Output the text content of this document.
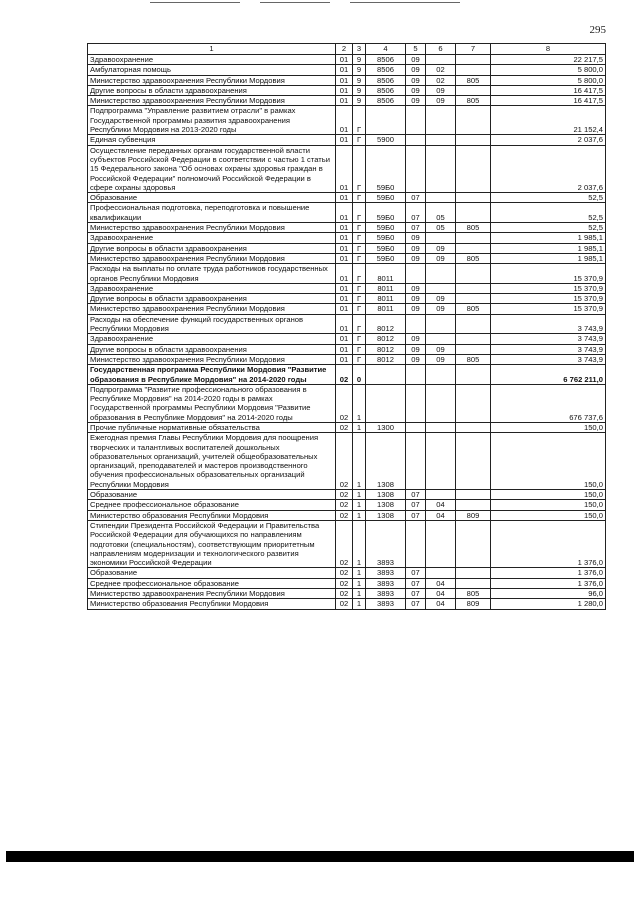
295
1	2	3	4	5	6	7	8
Здравоохранение	01	9	8506	09			22 217,5
Амбулаторная помощь	01	9	8506	09	02		5 800,0
Министерство здравоохранения Республики Мордовия	01	9	8506	09	02	805	5 800,0
Другие вопросы в области здравоохранения	01	9	8506	09	09		16 417,5
Министерство здравоохранения Республики Мордовия	01	9	8506	09	09	805	16 417,5
Подпрограмма "Управление развитием отрасли" в рамках Государственной программы развития здравоохранения Республики Мордовия на 2013-2020 годы	01	Г					21 152,4
Единая субвенция	01	Г	5900				2 037,6
Осуществление переданных органам государственной власти субъектов Российской Федерации в соответствии с частью 1 статьи 15 Федерального закона "Об основах охраны здоровья граждан в Российской Федерации" полномочий Российской Федерации в сфере охраны здоровья	01	Г	59Б0				2 037,6
Образование	01	Г	59Б0	07			52,5
Профессиональная подготовка, переподготовка и повышение квалификации	01	Г	59Б0	07	05		52,5
Министерство здравоохранения Республики Мордовия	01	Г	59Б0	07	05	805	52,5
Здравоохранение	01	Г	59Б0	09			1 985,1
Другие вопросы в области здравоохранения	01	Г	59Б0	09	09		1 985,1
Министерство здравоохранения Республики Мордовия	01	Г	59Б0	09	09	805	1 985,1
Расходы на выплаты по оплате труда работников государственных органов Республики Мордовия	01	Г	8011				15 370,9
Здравоохранение	01	Г	8011	09			15 370,9
Другие вопросы в области здравоохранения	01	Г	8011	09	09		15 370,9
Министерство здравоохранения Республики Мордовия	01	Г	8011	09	09	805	15 370,9
Расходы на обеспечение функций государственных органов Республики Мордовия	01	Г	8012				3 743,9
Здравоохранение	01	Г	8012	09			3 743,9
Другие вопросы в области здравоохранения	01	Г	8012	09	09		3 743,9
Министерство здравоохранения Республики Мордовия	01	Г	8012	09	09	805	3 743,9
Государственная программа Республики Мордовия "Развитие образования в Республике Мордовия" на 2014-2020 годы	02	0					6 762 211,0
Подпрограмма "Развитие профессионального образования в Республике Мордовия" на 2014-2020 годы в рамках Государственной программы Республики Мордовия "Развитие образования в Республике Мордовия" на 2014-2020 годы	02	1					676 737,6
Прочие публичные нормативные обязательства	02	1	1300				150,0
Ежегодная премия Главы Республики Мордовия для поощрения творческих и талантливых воспитателей дошкольных образовательных организаций, учителей общеобразовательных организаций, преподавателей и мастеров производственного обучения профессиональных образовательных организаций Республики Мордовия	02	1	1308				150,0
Образование	02	1	1308	07			150,0
Среднее профессиональное образование	02	1	1308	07	04		150,0
Министерство образования Республики Мордовия	02	1	1308	07	04	809	150,0
Стипендии Президента Российской Федерации и Правительства Российской Федерации для обучающихся по направлениям подготовки (специальностям), соответствующим приоритетным направлениям модернизации и технологического развития экономики Российской Федерации	02	1	3893				1 376,0
Образование	02	1	3893	07			1 376,0
Среднее профессиональное образование	02	1	3893	07	04		1 376,0
Министерство здравоохранения Республики Мордовия	02	1	3893	07	04	805	96,0
Министерство образования Республики Мордовия	02	1	3893	07	04	809	1 280,0
